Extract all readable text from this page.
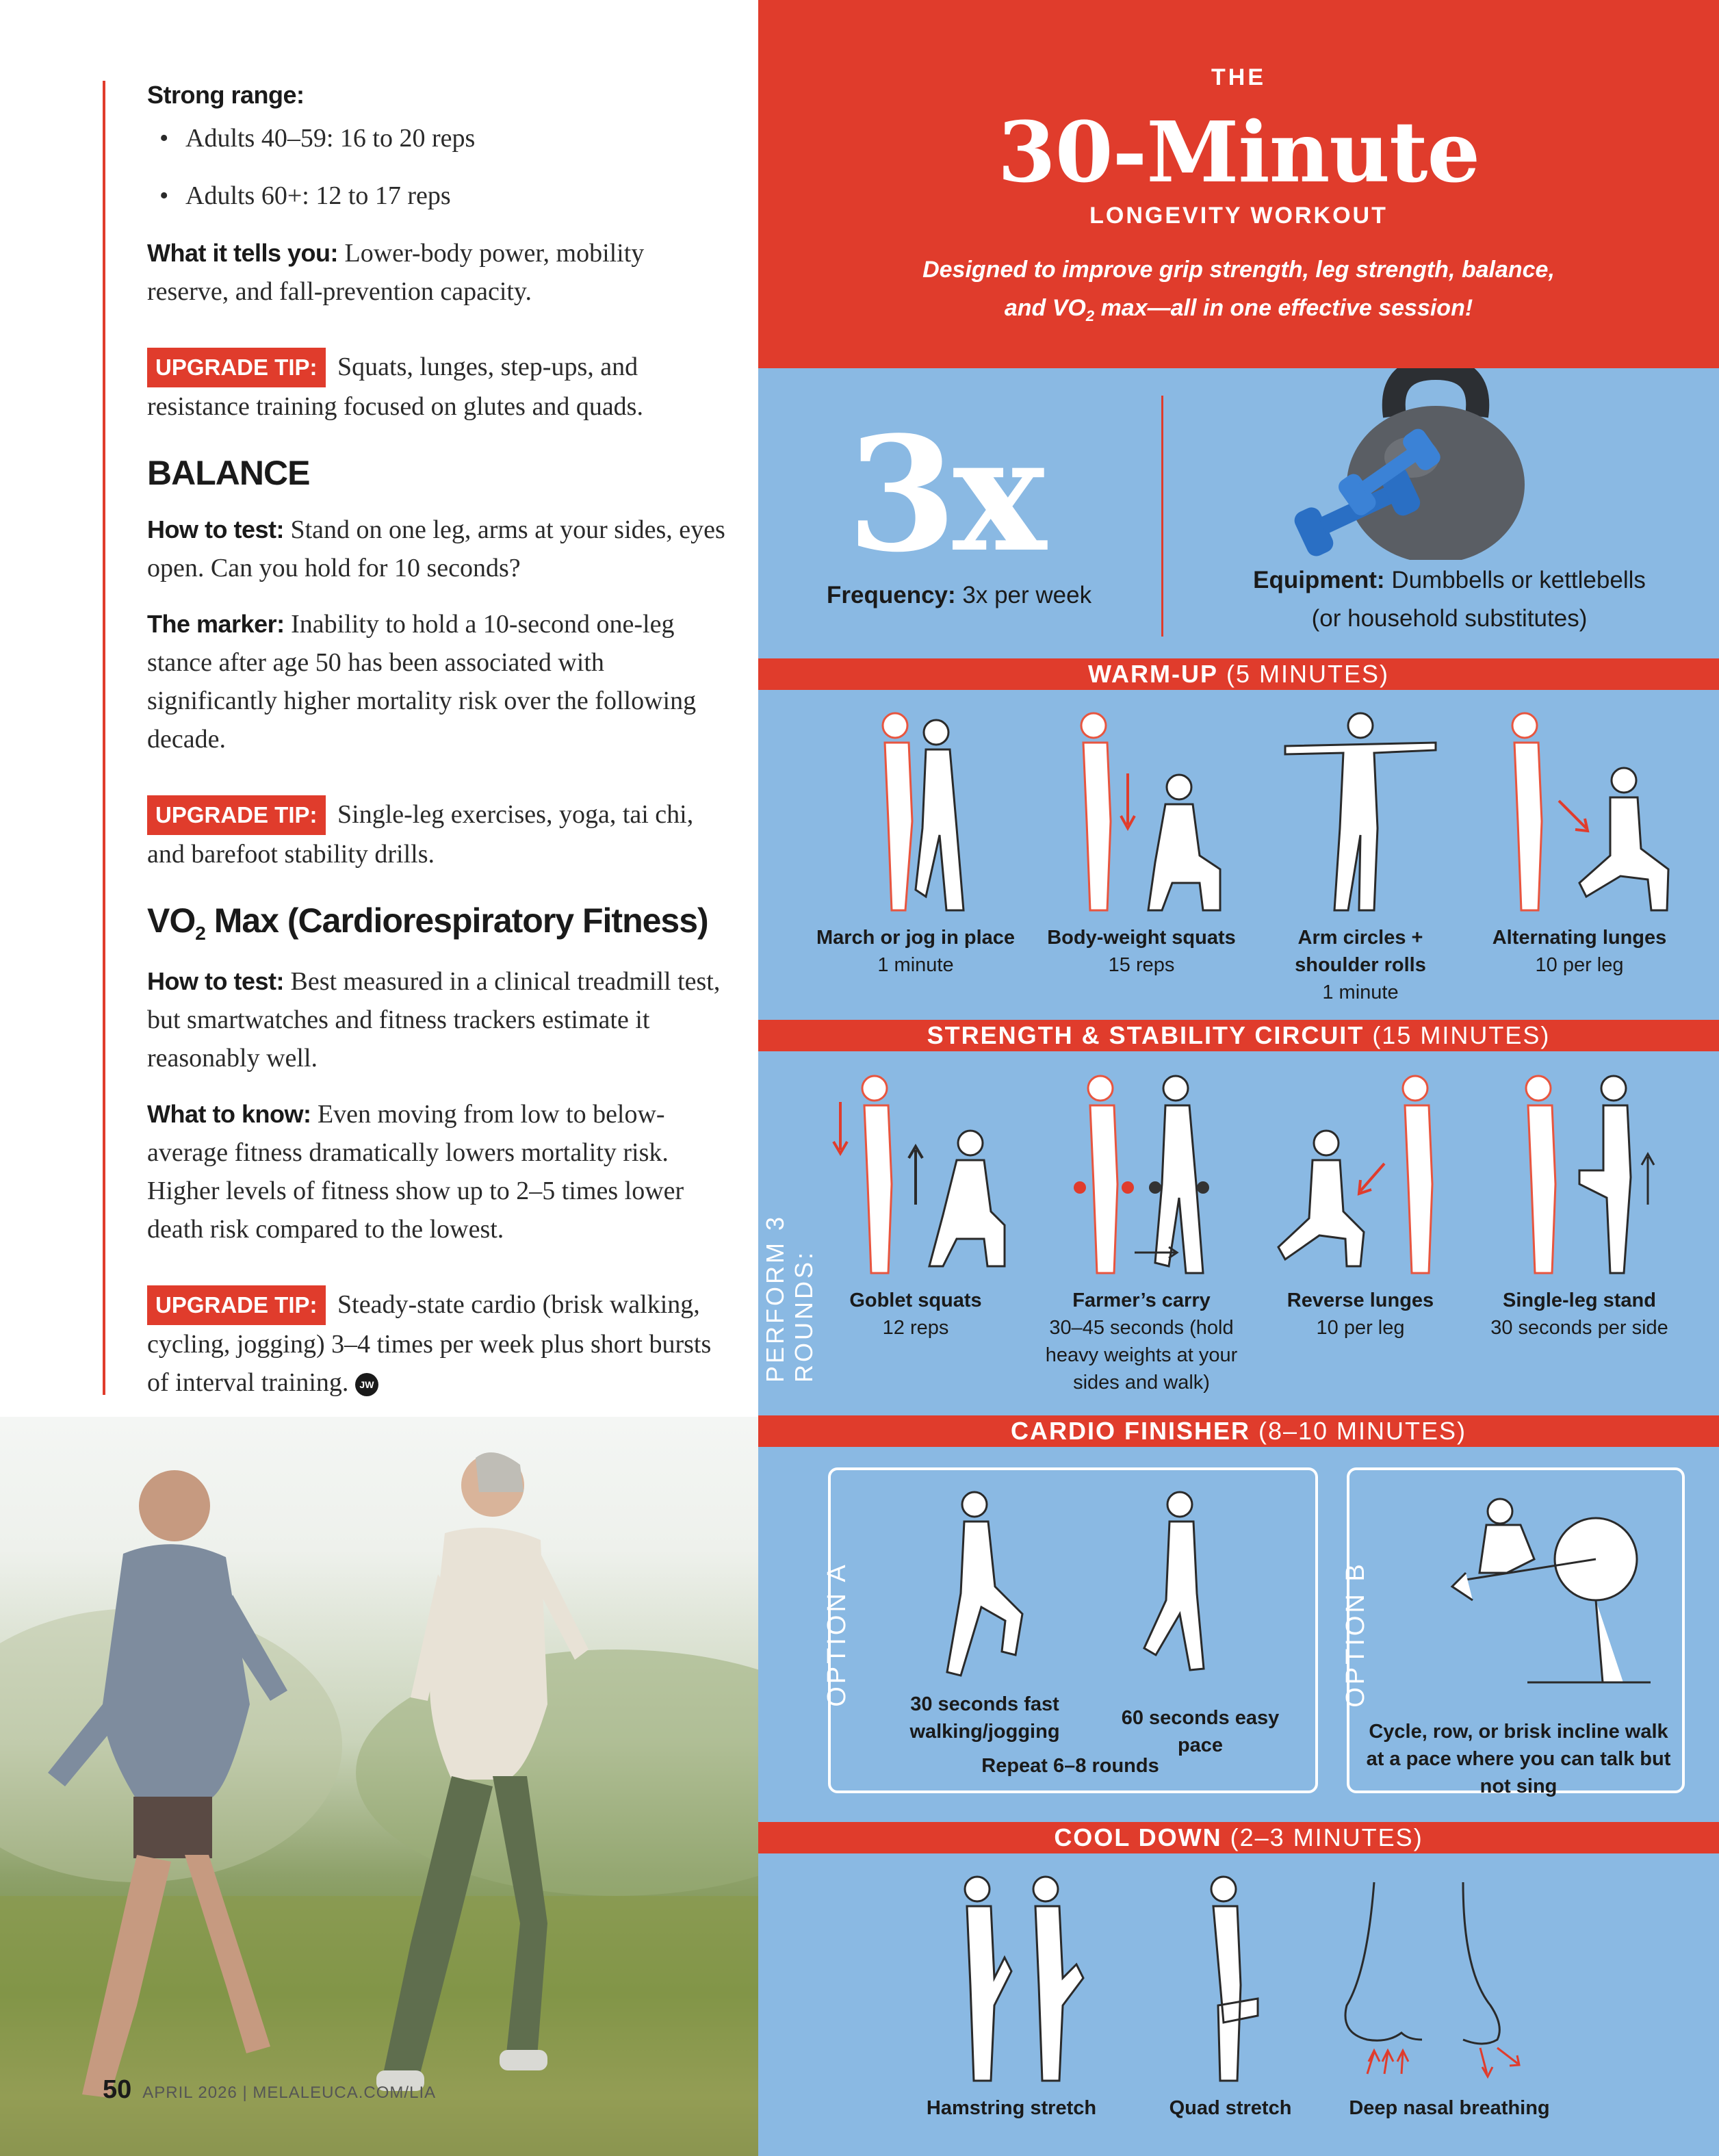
Strong range:
• Adults 40–59: 16 to 20 reps
• Adults 60+: 12 to 17 reps
What it tells you: Lower-body power, mobility reserve, and fall-prevention capacity.
UPGRADE TIP: Squats, lunges, step-ups, and resistance training focused on glutes and quads.
BALANCE
How to test: Stand on one leg, arms at your sides, eyes open. Can you hold for 10 seconds?
The marker: Inability to hold a 10-second one-leg stance after age 50 has been associated with significantly higher mortality risk over the following decade.
UPGRADE TIP: Single-leg exercises, yoga, tai chi, and barefoot stability drills.
$VO_2$ Max (Cardiorespiratory Fitness)
How to test: Best measured in a clinical treadmill test, but smartwatches and fitness trackers estimate it reasonably well.
What to know: Even moving from low to below-average fitness dramatically lowers mortality risk. Higher levels of fitness show up to 2–5 times lower death risk compared to the lowest.
UPGRADE TIP: Steady-state cardio (brisk walking, cycling, jogging) 3–4 times per week plus short bursts of interval training. JW
50 APRIL 2026 | MELALEUCA.COM/LIA
THE
30-Minute
LONGEVITY WORKOUT
Designed to improve grip strength, leg strength, balance,
and $VO_2$ max—all in one effective session!
3x
Frequency: 3x per week
Equipment: Dumbbells or kettlebells
(or household substitutes)
WARM-UP (5 MINUTES)
March or jog in place
1 minute
Body-weight squats
15 reps
Arm circles +
shoulder rolls
1 minute
Alternating lunges
10 per leg
STRENGTH & STABILITY CIRCUIT (15 MINUTES)
PERFORM 3 ROUNDS:	Goblet squats
12 reps
Farmer’s carry
30–45 seconds (hold heavy weights at your sides and walk)
Reverse lunges
10 per leg
Single-leg stand
30 seconds per side
CARDIO FINISHER (8–10 MINUTES)
OPTION A	30 seconds fast walking/jogging
60 seconds easy pace
Repeat 6–8 rounds
OPTION B
Cycle, row, or brisk incline walk at a pace where you can talk but not sing
COOL DOWN (2–3 MINUTES)
Hamstring stretch	Quad stretch	Deep nasal breathing
